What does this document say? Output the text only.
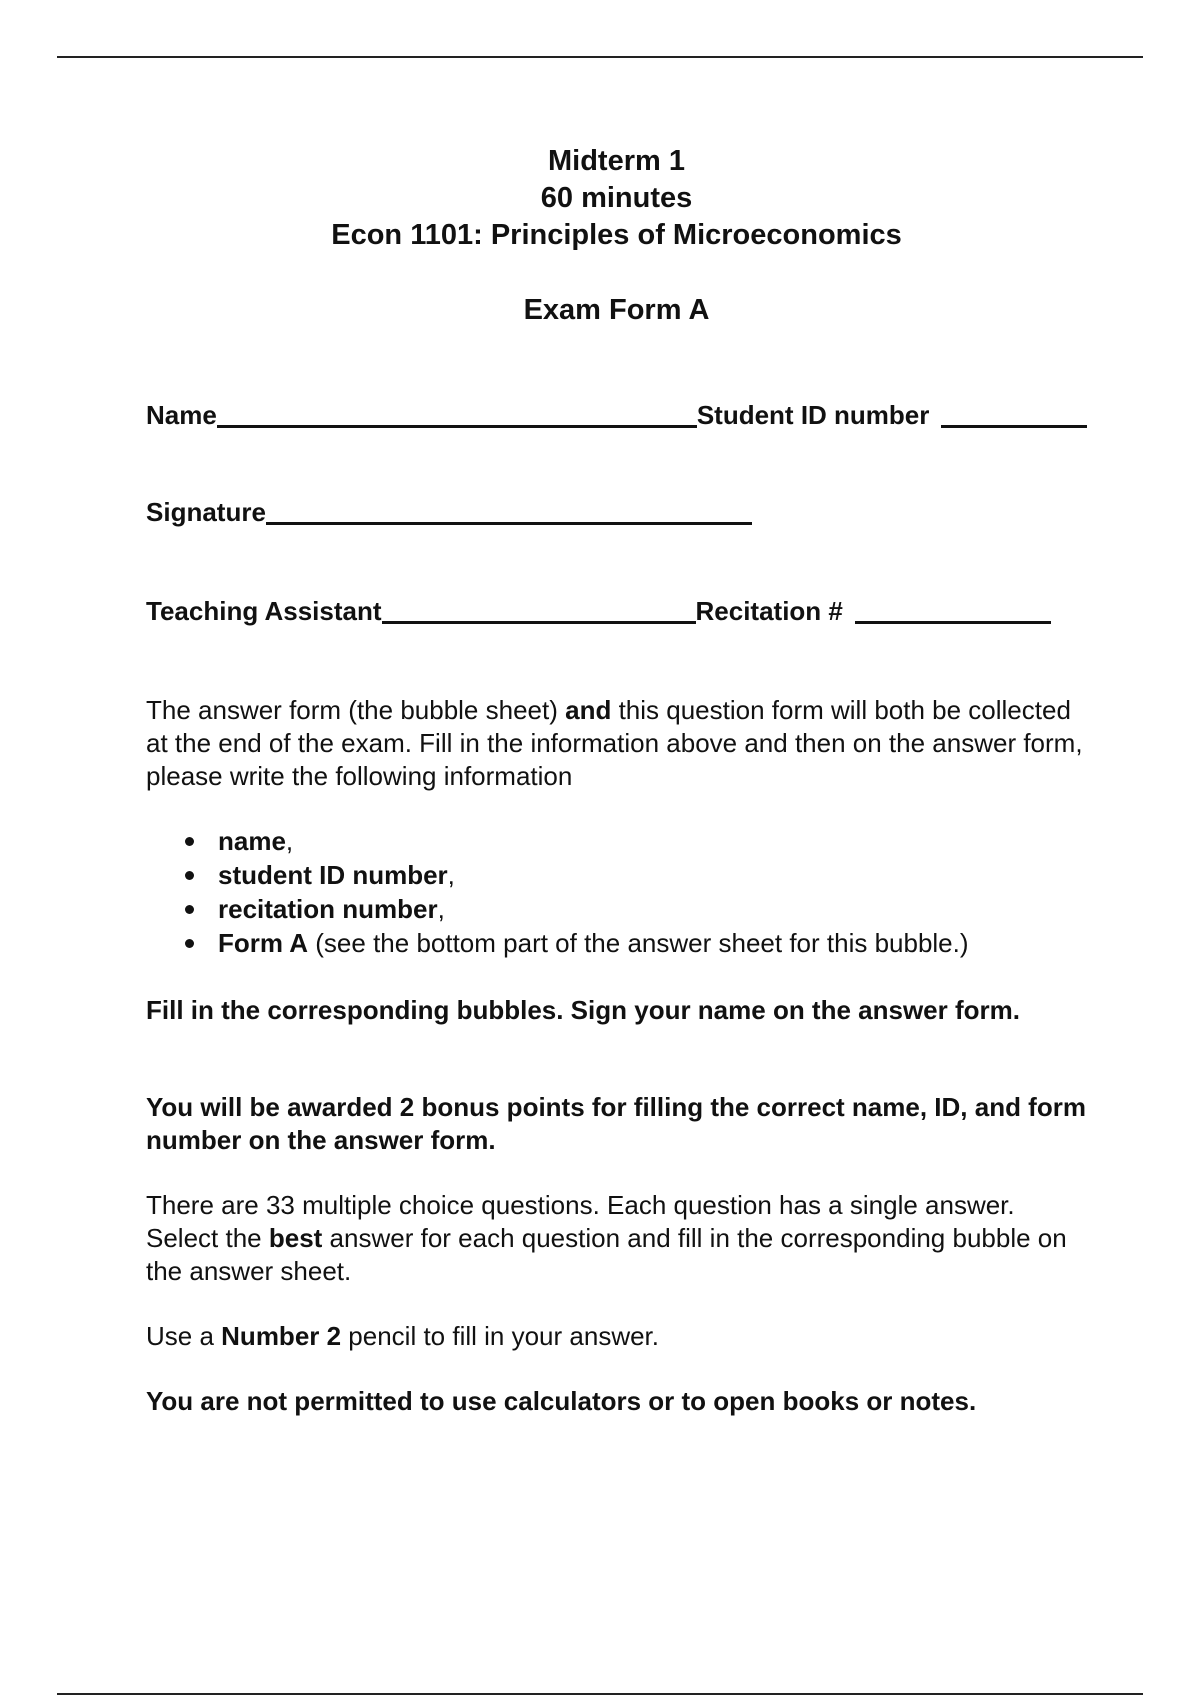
Midterm 1
60 minutes
Econ 1101: Principles of Microeconomics
Exam Form A
Name	Student ID number
Signature
Teaching Assistant	Recitation #

The answer form (the bubble sheet) and this question form will both be collected at the end of the exam. Fill in the information above and then on the answer form, please write the following information

name,
student ID number,
recitation number,
Form A (see the bottom part of the answer sheet for this bubble.)

Fill in the corresponding bubbles. Sign your name on the answer form.

You will be awarded 2 bonus points for filling the correct name, ID, and form number on the answer form.

There are 33 multiple choice questions. Each question has a single answer. Select the best answer for each question and fill in the corresponding bubble on the answer sheet.

Use a Number 2 pencil to fill in your answer.

You are not permitted to use calculators or to open books or notes.
